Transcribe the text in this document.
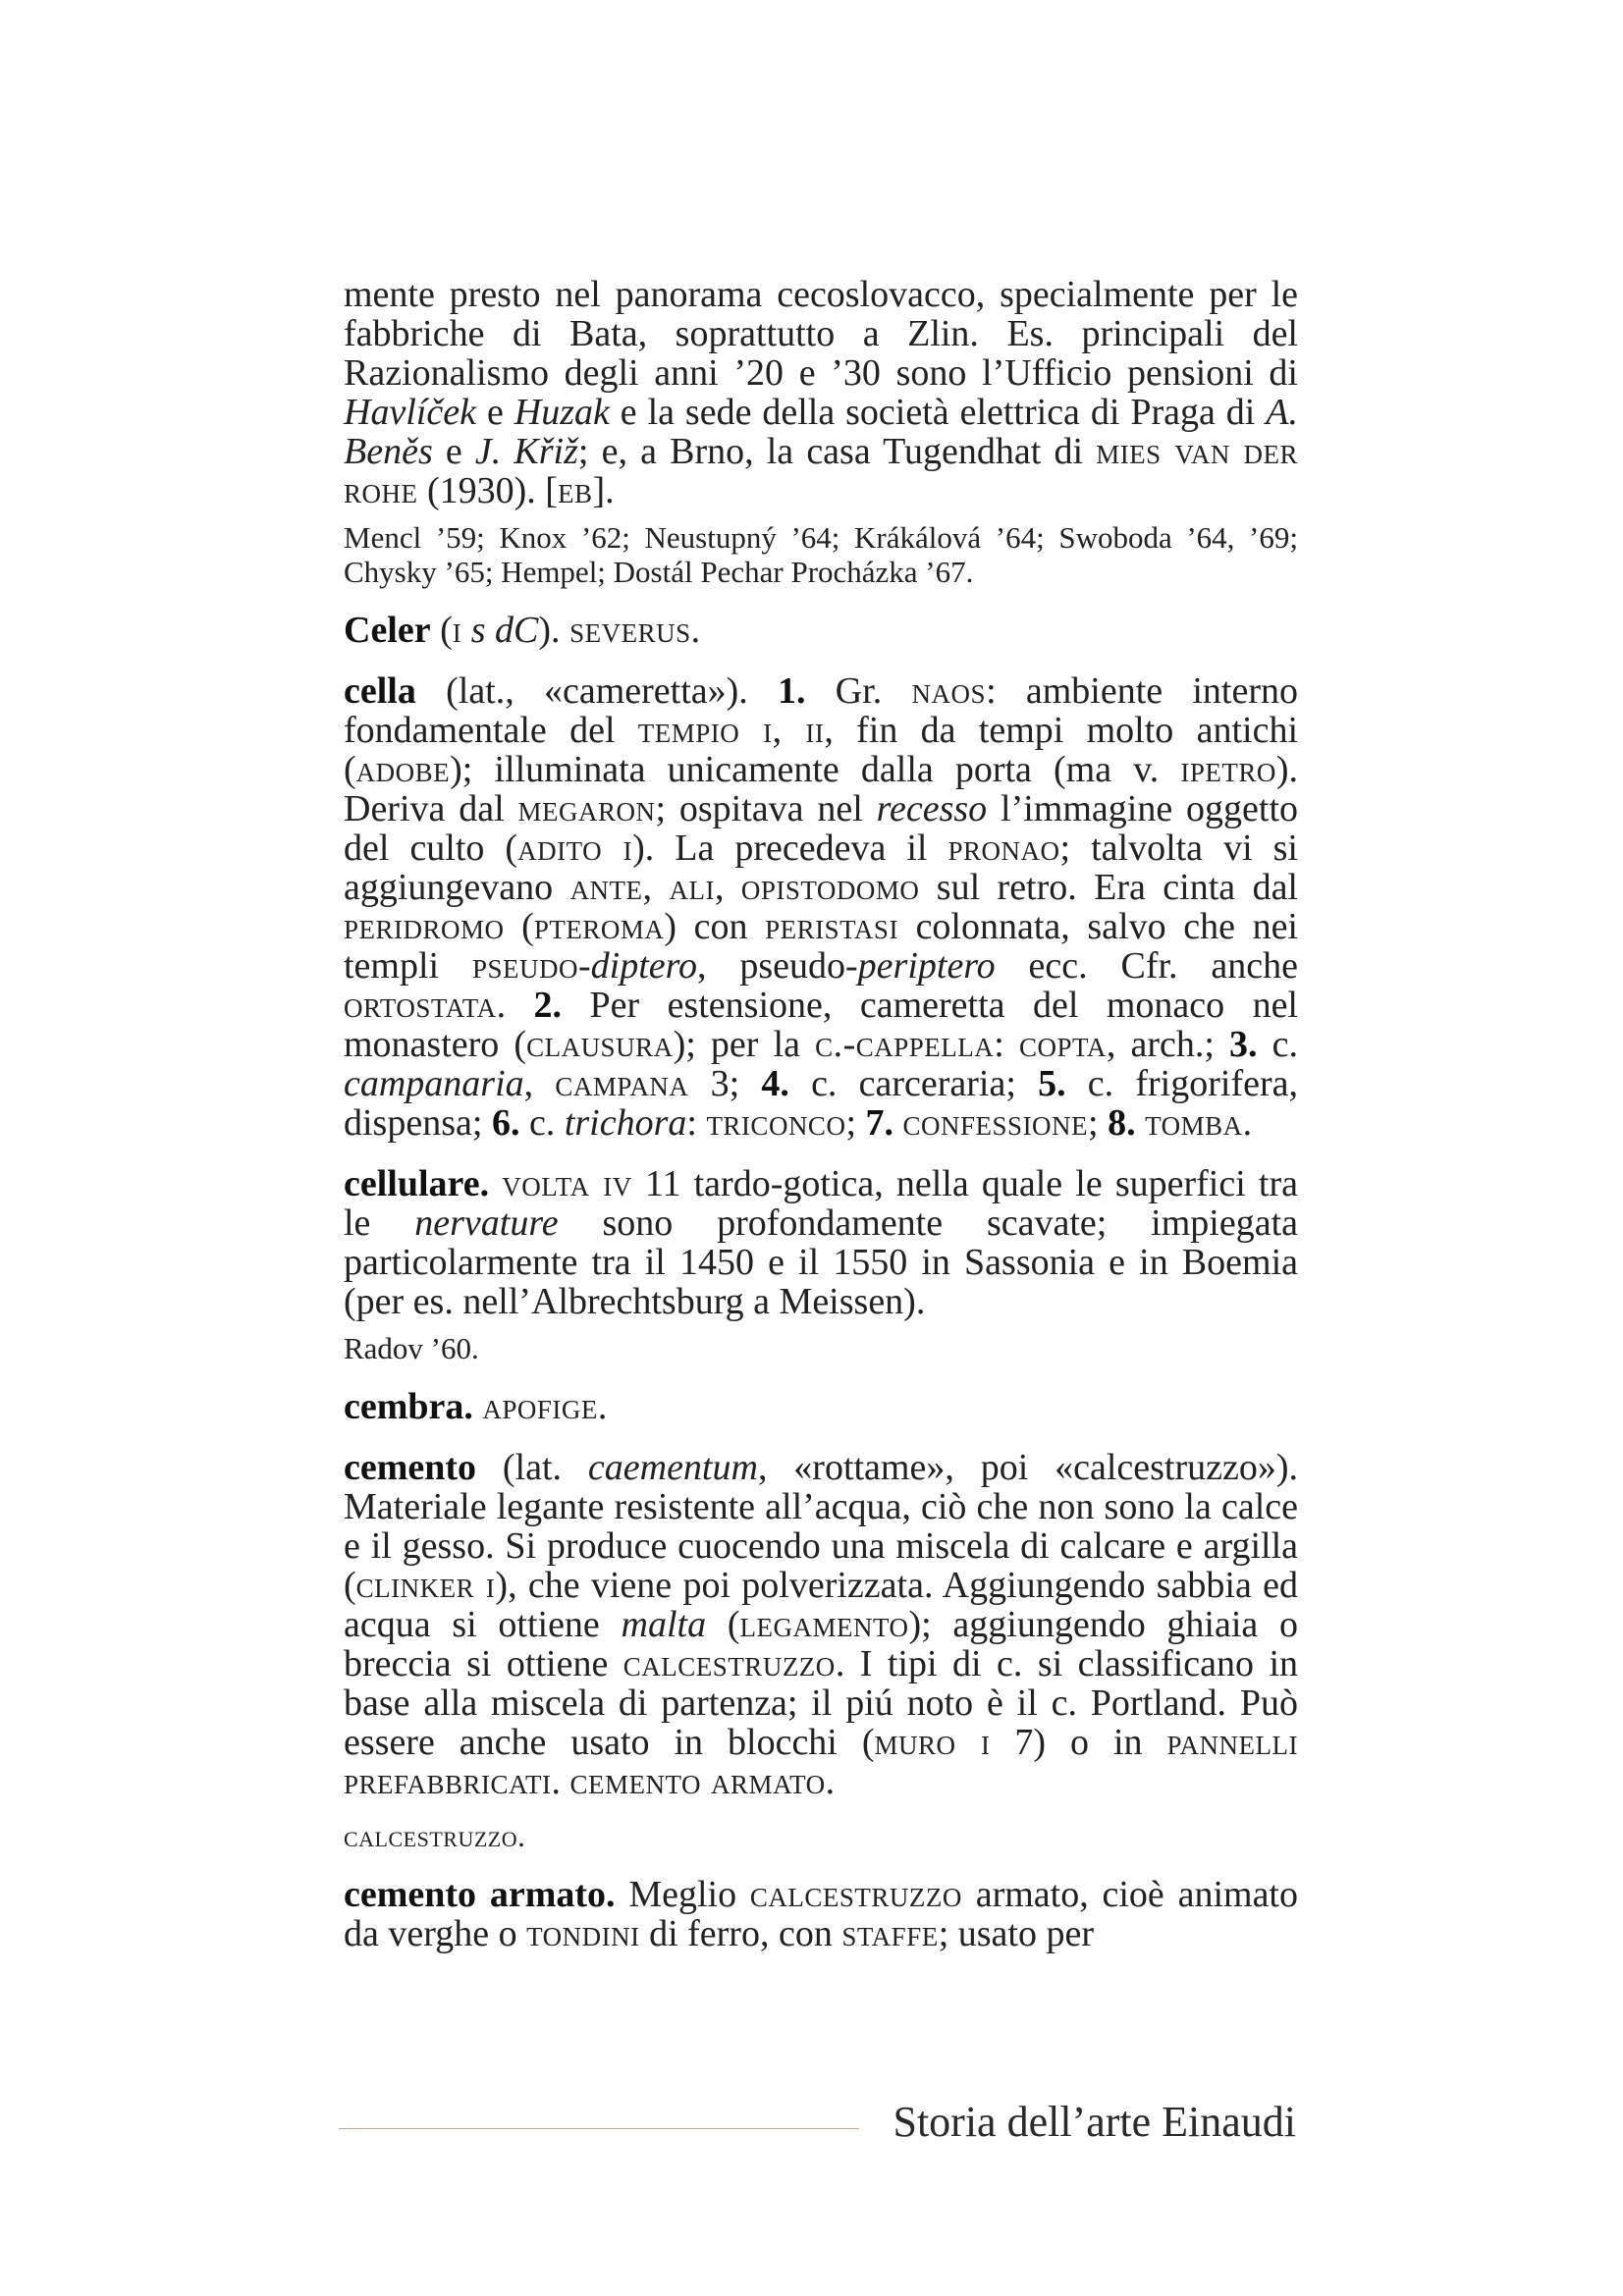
mente presto nel panorama cecoslovacco, specialmente per le fabbriche di Bata, soprattutto a Zlin. Es. principali del Razionalismo degli anni ’20 e ’30 sono l’Ufficio pensioni di Havlíček e Huzak e la sede della società elettrica di Praga di A. Beněs e J. Křiž; e, a Brno, la casa Tugendhat di mies van der rohe (1930). [eb].

Mencl ’59; Knox ’62; Neustupný ’64; Krákálová ’64; Swoboda ’64, ’69; Chysky ’65; Hempel; Dostál Pechar Procházka ’67.

Celer (i s dC). severus.

cella (lat., «cameretta»). 1. Gr. naos: ambiente interno fondamentale del tempio i, ii, fin da tempi molto antichi (adobe); illuminata unicamente dalla porta (ma v. ipetro). Deriva dal megaron; ospitava nel recesso l’immagine oggetto del culto (adito i). La precedeva il pronao; talvolta vi si aggiungevano ante, ali, opistodomo sul retro. Era cinta dal peridromo (pteroma) con peristasi colonnata, salvo che nei templi pseudo-diptero, pseudo-periptero ecc. Cfr. anche ortostata. 2. Per estensione, cameretta del monaco nel monastero (clausura); per la c.-cappella: copta, arch.; 3. c. campanaria, campana 3; 4. c. carceraria; 5. c. frigorifera, dispensa; 6. c. trichora: triconco; 7. confessione; 8. tomba.

cellulare. volta iv 11 tardo-gotica, nella quale le superfici tra le nervature sono profondamente scavate; impiegata particolarmente tra il 1450 e il 1550 in Sassonia e in Boemia (per es. nell’Albrechtsburg a Meissen).

Radov ’60.

cembra. apofige.

cemento (lat. caementum, «rottame», poi «calcestruzzo»). Materiale legante resistente all’acqua, ciò che non sono la calce e il gesso. Si produce cuocendo una miscela di calcare e argilla (clinker i), che viene poi polverizzata. Aggiungendo sabbia ed acqua si ottiene malta (legamento); aggiungendo ghiaia o breccia si ottiene calcestruzzo. I tipi di c. si classificano in base alla miscela di partenza; il piú noto è il c. Portland. Può essere anche usato in blocchi (muro i 7) o in pannelli prefabbricati. cemento armato.

calcestruzzo.

cemento armato. Meglio calcestruzzo armato, cioè animato da verghe o tondini di ferro, con staffe; usato per

Storia dell’arte Einaudi
